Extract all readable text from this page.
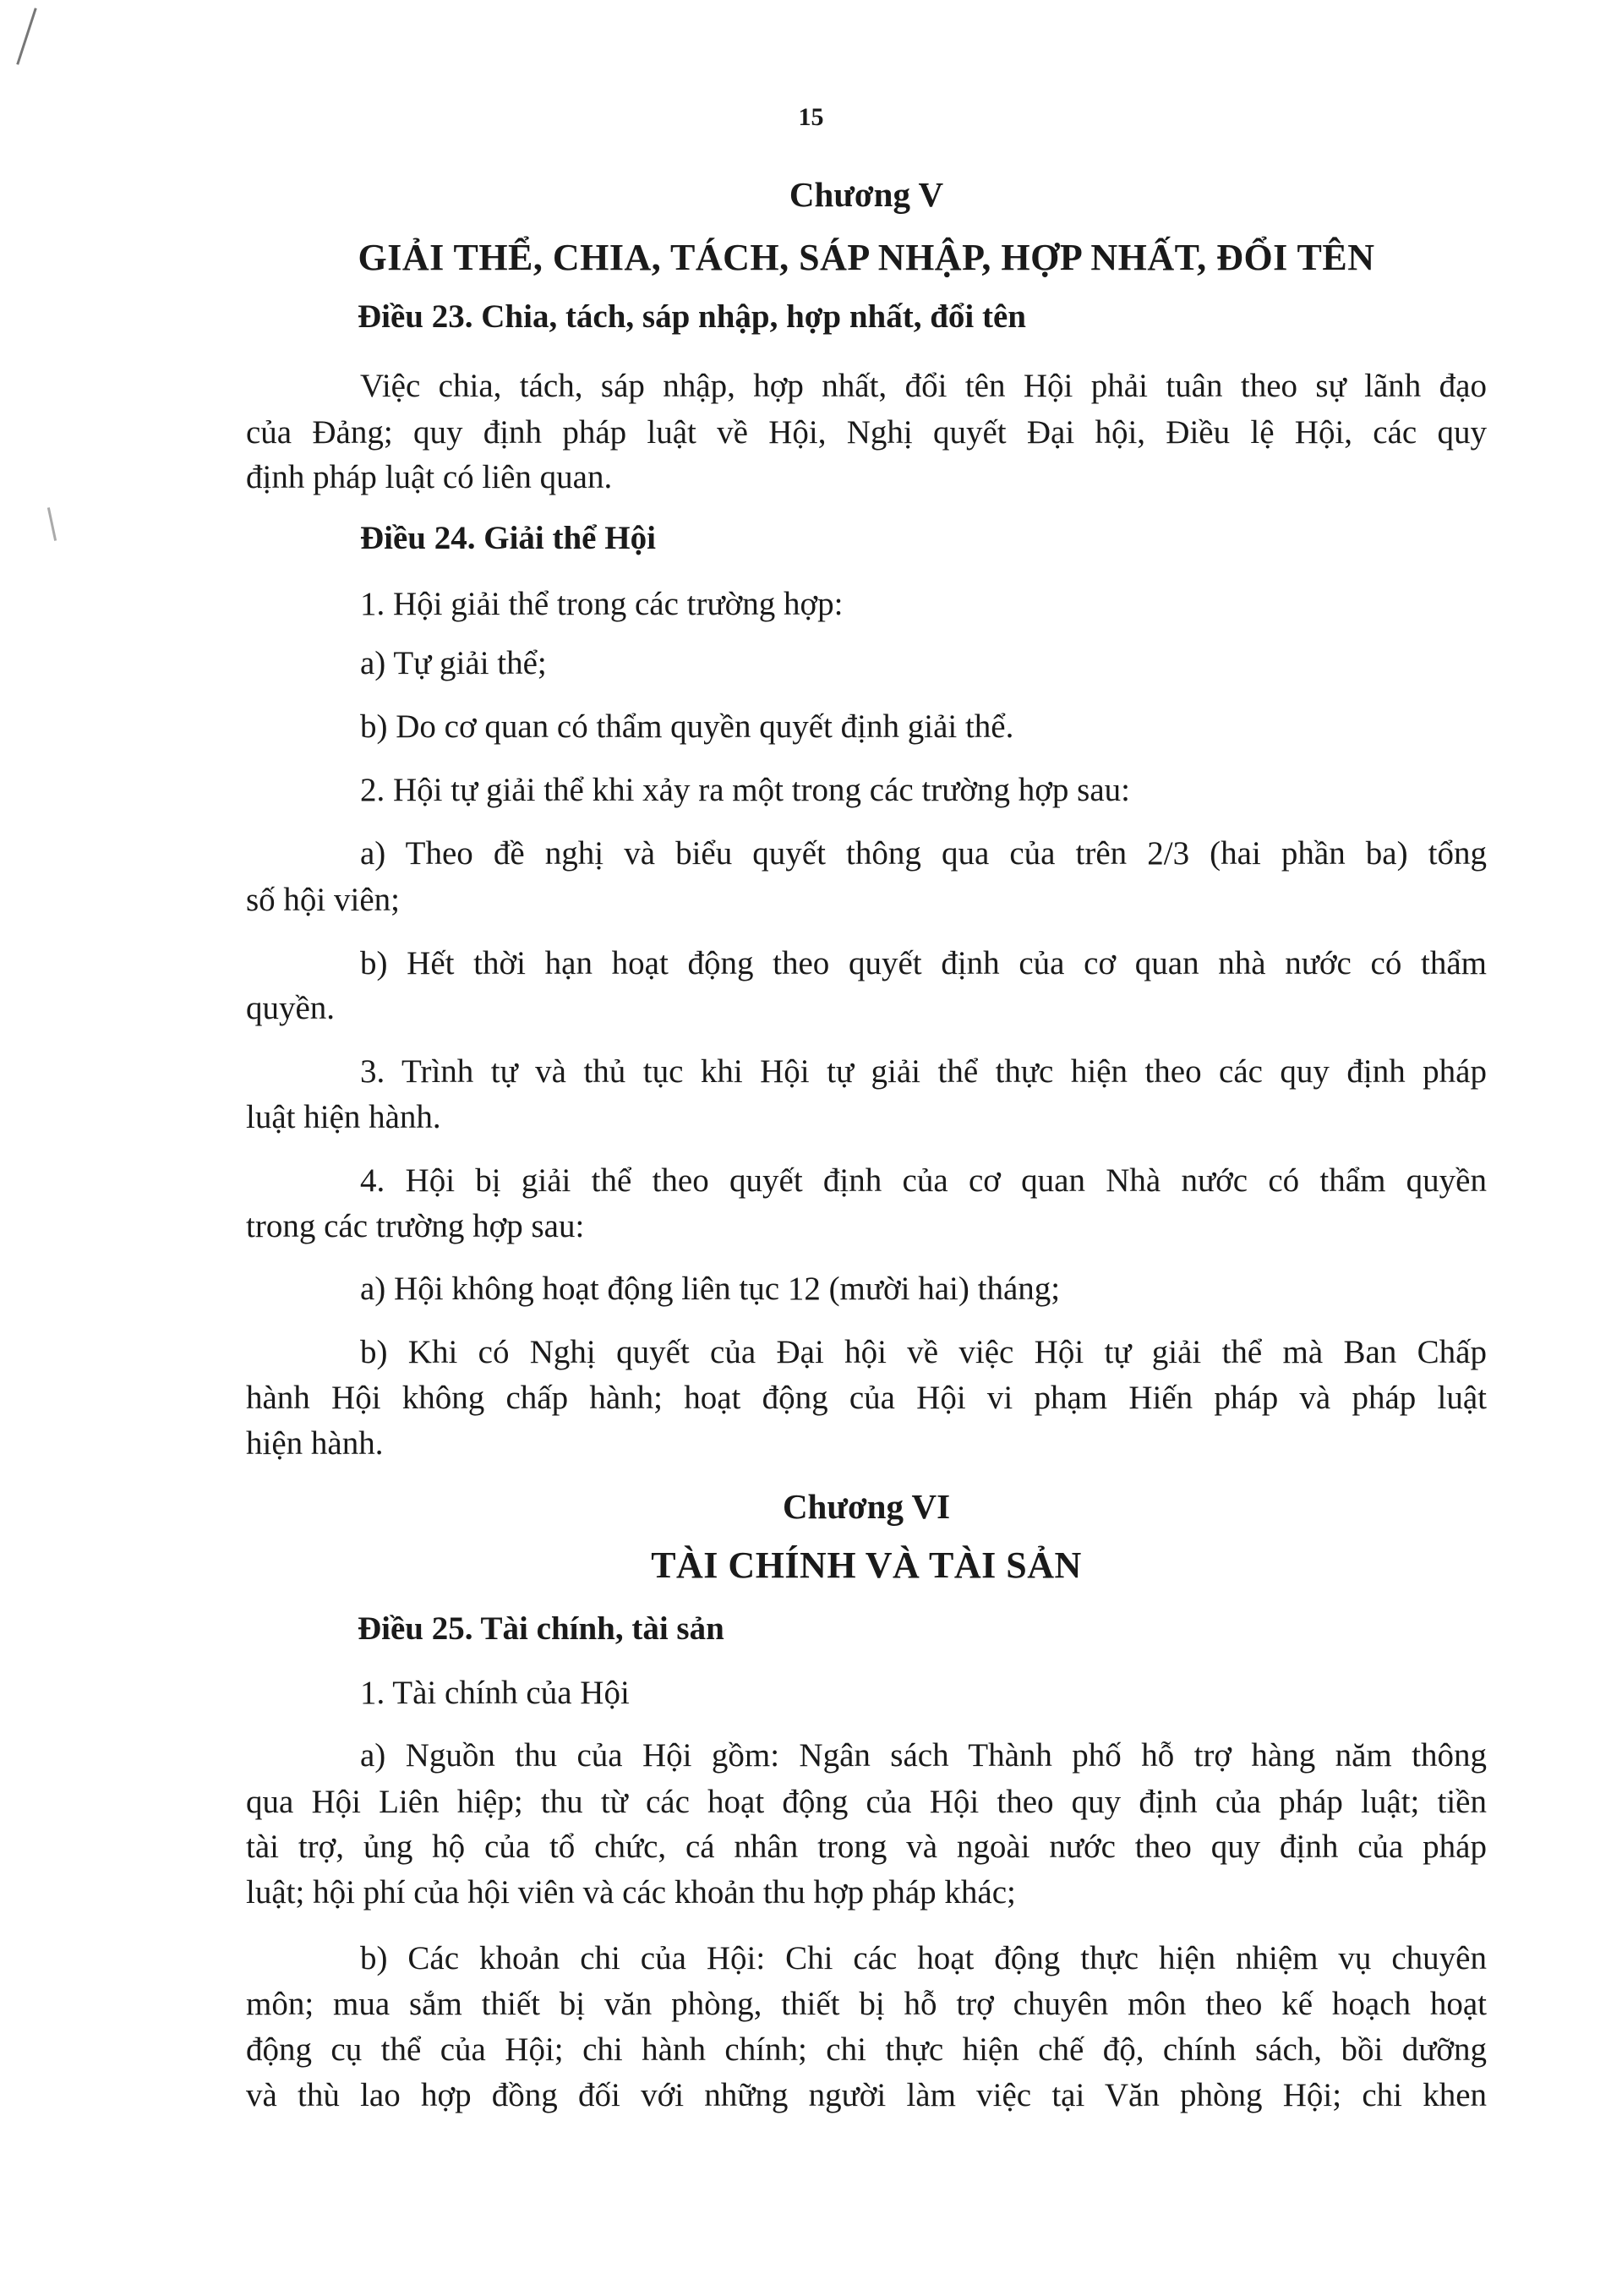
15
Chương V
GIẢI THỂ, CHIA, TÁCH, SÁP NHẬP, HỢP NHẤT, ĐỔI TÊN
Điều 23. Chia, tách, sáp nhập, hợp nhất, đổi tên
Việc chia, tách, sáp nhập, hợp nhất, đổi tên Hội phải tuân theo sự lãnh đạo
của Đảng; quy định pháp luật về Hội, Nghị quyết Đại hội, Điều lệ Hội, các quy
định pháp luật có liên quan.
Điều 24. Giải thể Hội
1. Hội giải thể trong các trường hợp:
a) Tự giải thể;
b) Do cơ quan có thẩm quyền quyết định giải thể.
2. Hội tự giải thể khi xảy ra một trong các trường hợp sau:
a) Theo đề nghị và biểu quyết thông qua của trên 2/3 (hai phần ba) tổng
số hội viên;
b) Hết thời hạn hoạt động theo quyết định của cơ quan nhà nước có thẩm
quyền.
3. Trình tự và thủ tục khi Hội tự giải thể thực hiện theo các quy định pháp
luật hiện hành.
4. Hội bị giải thể theo quyết định của cơ quan Nhà nước có thẩm quyền
trong các trường hợp sau:
a) Hội không hoạt động liên tục 12 (mười hai) tháng;
b) Khi có Nghị quyết của Đại hội về việc Hội tự giải thể mà Ban Chấp
hành Hội không chấp hành; hoạt động của Hội vi phạm Hiến pháp và pháp luật
hiện hành.
Chương VI
TÀI CHÍNH VÀ TÀI SẢN
Điều 25. Tài chính, tài sản
1. Tài chính của Hội
a) Nguồn thu của Hội gồm: Ngân sách Thành phố hỗ trợ hàng năm thông
qua Hội Liên hiệp; thu từ các hoạt động của Hội theo quy định của pháp luật; tiền
tài trợ, ủng hộ của tổ chức, cá nhân trong và ngoài nước theo quy định của pháp
luật; hội phí của hội viên và các khoản thu hợp pháp khác;
b) Các khoản chi của Hội: Chi các hoạt động thực hiện nhiệm vụ chuyên
môn; mua sắm thiết bị văn phòng, thiết bị hỗ trợ chuyên môn theo kế hoạch hoạt
động cụ thể của Hội; chi hành chính; chi thực hiện chế độ, chính sách, bồi dưỡng
và thù lao hợp đồng đối với những người làm việc tại Văn phòng Hội; chi khen
